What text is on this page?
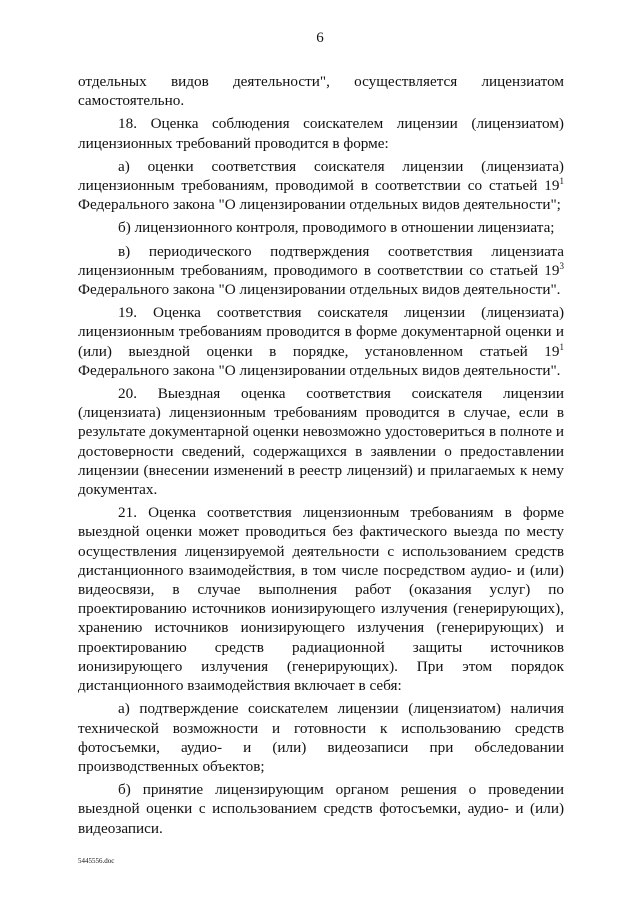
6

отдельных видов деятельности", осуществляется лицензиатом самостоятельно.

18. Оценка соблюдения соискателем лицензии (лицензиатом) лицензионных требований проводится в форме:

а) оценки соответствия соискателя лицензии (лицензиата) лицензионным требованиям, проводимой в соответствии со статьей $19^1$ Федерального закона "О лицензировании отдельных видов деятельности";

б) лицензионного контроля, проводимого в отношении лицензиата;

в) периодического подтверждения соответствия лицензиата лицензионным требованиям, проводимого в соответствии со статьей $19^3$ Федерального закона "О лицензировании отдельных видов деятельности".

19. Оценка соответствия соискателя лицензии (лицензиата) лицензионным требованиям проводится в форме документарной оценки и (или) выездной оценки в порядке, установленном статьей $19^1$ Федерального закона "О лицензировании отдельных видов деятельности".

20. Выездная оценка соответствия соискателя лицензии (лицензиата) лицензионным требованиям проводится в случае, если в результате документарной оценки невозможно удостовериться в полноте и достоверности сведений, содержащихся в заявлении о предоставлении лицензии (внесении изменений в реестр лицензий) и прилагаемых к нему документах.

21. Оценка соответствия лицензионным требованиям в форме выездной оценки может проводиться без фактического выезда по месту осуществления лицензируемой деятельности с использованием средств дистанционного взаимодействия, в том числе посредством аудио- и (или) видеосвязи, в случае выполнения работ (оказания услуг) по проектированию источников ионизирующего излучения (генерирующих), хранению источников ионизирующего излучения (генерирующих) и проектированию средств радиационной защиты источников ионизирующего излучения (генерирующих). При этом порядок дистанционного взаимодействия включает в себя:

а) подтверждение соискателем лицензии (лицензиатом) наличия технической возможности и готовности к использованию средств фотосъемки, аудио- и (или) видеозаписи при обследовании производственных объектов;

б) принятие лицензирующим органом решения о проведении выездной оценки с использованием средств фотосъемки, аудио- и (или) видеозаписи.

5445556.doc
